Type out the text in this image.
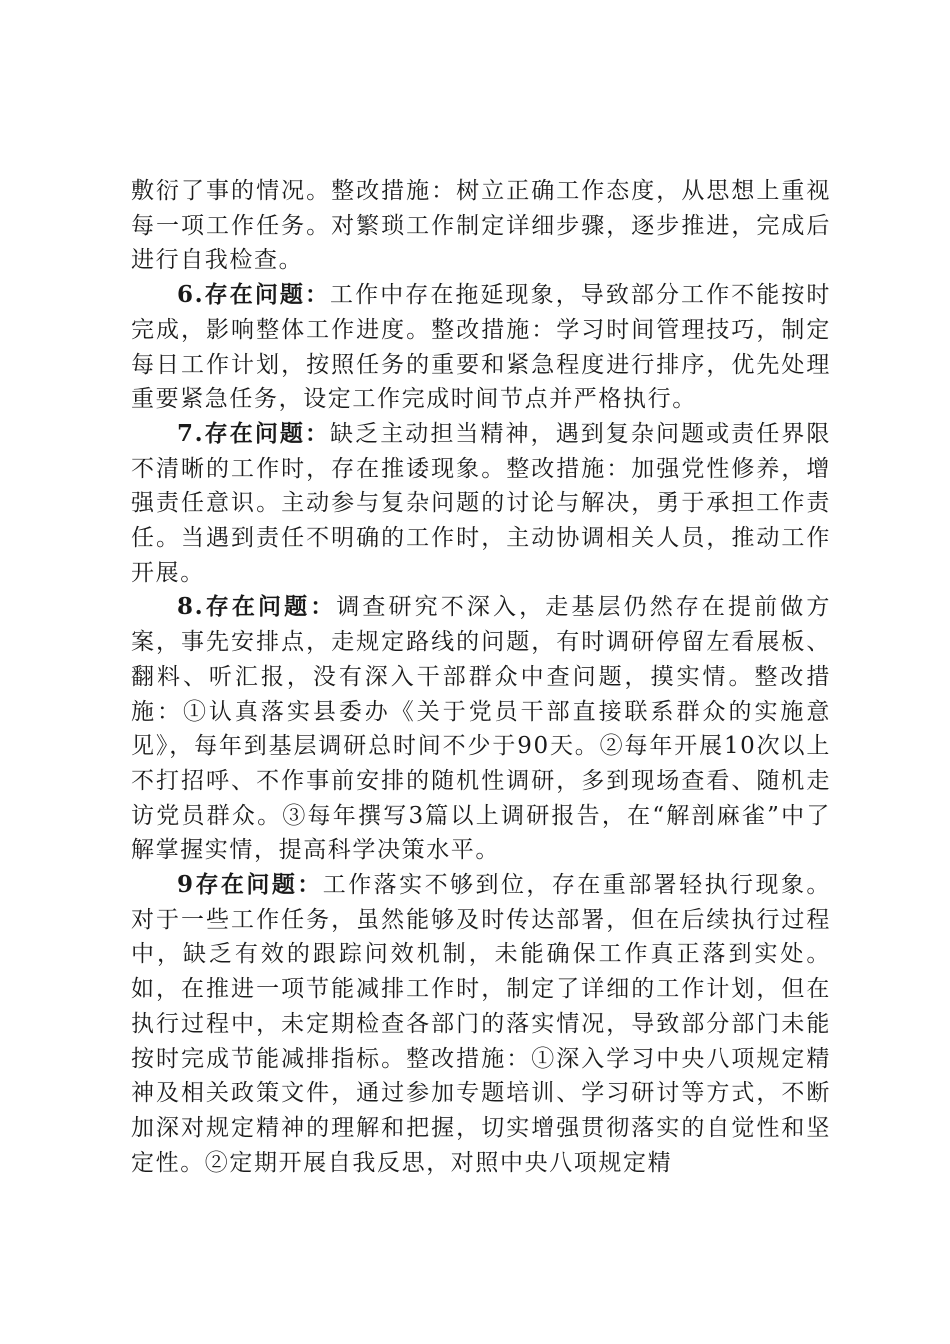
敷衍了事的情况。整改措施：树立正确工作态度，从思想上重视每一项工作任务。对繁琐工作制定详细步骤，逐步推进，完成后进行自我检查。

6.存在问题：工作中存在拖延现象，导致部分工作不能按时完成，影响整体工作进度。整改措施：学习时间管理技巧，制定每日工作计划，按照任务的重要和紧急程度进行排序，优先处理重要紧急任务，设定工作完成时间节点并严格执行。

7.存在问题：缺乏主动担当精神，遇到复杂问题或责任界限不清晰的工作时，存在推诿现象。整改措施：加强党性修养，增强责任意识。主动参与复杂问题的讨论与解决，勇于承担工作责任。当遇到责任不明确的工作时，主动协调相关人员，推动工作开展。

8.存在问题：调查研究不深入，走基层仍然存在提前做方案，事先安排点，走规定路线的问题，有时调研停留左看展板、翻料、听汇报，没有深入干部群众中查问题，摸实情。整改措施：①认真落实县委办《关于党员干部直接联系群众的实施意见》，每年到基层调研总时间不少于90天。②每年开展10次以上不打招呼、不作事前安排的随机性调研，多到现场查看、随机走访党员群众。③每年撰写3篇以上调研报告，在“解剖麻雀”中了解掌握实情，提高科学决策水平。

9存在问题：工作落实不够到位，存在重部署轻执行现象。对于一些工作任务，虽然能够及时传达部署，但在后续执行过程中，缺乏有效的跟踪问效机制，未能确保工作真正落到实处。如，在推进一项节能减排工作时，制定了详细的工作计划，但在执行过程中，未定期检查各部门的落实情况，导致部分部门未能按时完成节能减排指标。整改措施：①深入学习中央八项规定精神及相关政策文件，通过参加专题培训、学习研讨等方式，不断加深对规定精神的理解和把握，切实增强贯彻落实的自觉性和坚定性。②定期开展自我反思，对照中央八项规定精
